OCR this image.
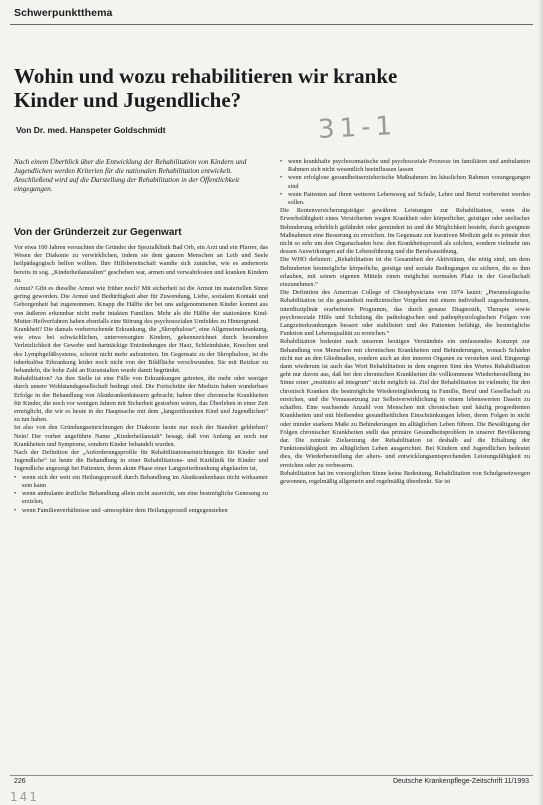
Schwerpunktthema
Wohin und wozu rehabilitieren wir kranke Kinder und Jugendliche?
Von Dr. med. Hanspeter Goldschmidt	31-1
Nach einem Überblick über die Entwicklung der Rehabilitation von Kindern und Jugendlichen werden Kriterien für die nationalen Rehabilitation entwickelt. Anschließend wird auf die Darstellung der Rehabilitation in der Öffentlichkeit eingegangen.
Von der Gründerzeit zur Gegenwart

Vor etwa 100 Jahren versuchten die Gründer der Spezialklinik Bad Orb, ein Arzt und ein Pfarrer, das Wesen der Diakonie zu verwirklichen, indem sie dem ganzen Menschen an Leib und Seele heilpädagogisch helfen wollten. Ihre Hilfsbereitschaft wandte sich zunächst, wie es andernorts bereits in sog. „Kinderheilanstalten“ geschehen war, armen und verwahrlosten und kranken Kindern zu.

Armut? Gibt es dieselbe Armut wie früher noch? Mit sicherheit ist die Armut im materiellen Sinne gering geworden. Die Armut und Bedürftigkeit aber für Zuwendung, Liebe, sozialem Kontakt und Geborgenheit hat zugenommen. Knapp die Hälfte der bei uns aufgenommenen Kinder kommt aus von äußeren erkennbar nicht mehr intakten Familien. Mehr als die Hälfte der stationären Kind-Mutter-Heilverfahren haben ebenfalls eine Störung des psychosozialen Umfeldes zu Hintergrund.

Krankheit? Die damals vorherrschende Erkrankung, die „Skrophulose“, eine Allgemeinerkrankung, wie etwa bei schwächlichen, unterversorgten Kindern, gekennzeichnet durch besondere Verletzlichkeit der Gewebe und hartnäckige Entzündungen der Haut, Schleimhäute, Knochen und des Lymphgefäßsystems, scheint nicht mehr aufzutreten. Im Gegensatz zu der Skrophulose, ist die tuberkulöse Erkrankung leider noch nicht von der Bildfläche verschwunden. Sie mit Reizkur zu behandeln, die hohe Zahl an Kuranstalten wurde damit begründet.

Rehabilitation? An ihre Stelle ist eine Fülle von Erkrankungen getreten, die mehr oder weniger durch unsere Wohlstandsgesellschaft bedingt sind. Die Fortschritte der Medizin haben wunderbare Erfolge in der Behandlung von Akutkrankenhäusern gebracht; haben über chronische Krankheiten für Kinder, die noch vor wenigen Jahren mit Sicherheit gestorben wären, das Überleben in einer Zeit ermöglicht, die wir es heute in der Hauptsache mit dem „langzeitkranken Kind und Jugendlichen“ zu tun haben.

Ist also von den Gründungseinrichtungen der Diakonie heute nur noch der Standort geblieben? Nein! Der vorher angeführte Name „Kinderheilanstalt“ besagt, daß von Anfang an noch nur Krankheiten und Symptome, sondern Kinder behandelt wurden.

Nach der Definition der „Anforderungsprofile für Rehabilitationseinrichtungen für Kinder und Jugendliche“ ist heute die Behandlung in einer Rehabilitations- und Kurklinik für Kinder und Jugendliche angezeigt bei Patienten, deren akute Phase einer Langzeiterkrankung abgelaufen ist,

• wenn sich der weit ein Heilungsprozeß durch Behandlung im Akutkrankenhaus nicht wirksamer sein kann
• wenn ambulante ärztliche Behandlung allein nicht ausreicht, um eine bestmögliche Genesung zu erzielen,
• wenn Familienverhältnisse und -atmosphäre dem Heilungsprozeß entgegenstehen
• wenn krankhafte psychosomatische und psychosoziale Prozesse im familiären und ambulanten Rahmen sich nicht wesentlich beeinflussen lassen
• wenn erfolglose gesundheitserzieherische Maßnahmen im häuslichen Rahmen vorangegangen sind
• wenn Patienten auf ihren weiteren Lebensweg auf Schule, Lehre und Beruf vorbereitet werden sollen.

Die Rentenversicherungsträger gewähren Leistungen zur Rehabilitation, wenn die Erwerbsfähigkeit eines Versicherten wegen Krankheit oder körperlicher, geistiger oder seelischer Behinderung erheblich gefährdet oder gemindert ist und die Möglichkeit besteht, durch geeignete Maßnahmen eine Besserung zu erreichen. Im Gegensatz zur kurativen Medizin geht es primär dort nicht so sehr um den Organschaden bzw. den Krankheitsprozeß als solchen, sondern vielmehr um dessen Auswirkungen auf die Lebensführung und die Berufsausübung.

Die WHO definiert: „Rehabilitation ist die Gesamtheit der Aktivitäten, die nötig sind, um dem Behinderten bestmögliche körperliche, geistige und soziale Bedingungen zu sichern, die es ihm erlauben, mit seinen eigenen Mitteln einen möglichst normalen Platz in der Gesellschaft einzunehmen.“

Die Definition des American College of Chestphysicians von 1974 lautet: „Pneumologische Rehabilitation ist die gesamtheit medizinischer Vorgehen mit einem individuell zugeschnittenen, interdisziplinär erarbeiteten Programm, das durch genaue Diagnostik, Therapie sowie psychosoziale Hilfe und Schulung die pathologischen und pathophysiologischen Folgen von Langzeiterkrankungen bessert oder stabilisiert und der Patienten befähigt, die bestmögliche Funktion und Lebensqualität zu erreichen.“

Rehabilitation bedeutet nach unserem heutigen Verständnis ein umfassendes Konzept zur Behandlung von Menschen mit chronischen Krankheiten und Behinderungen, wonach Schäden nicht nur an den Gliedmaßen, sondern auch an den inneren Organen zu verstehen sind. Eingeengt dann wiederum ist auch das Wort Rehabilitation in dem engeren Sinn des Wortes Rehabilitation geht nur davon aus, daß bei den chronischen Krankheiten die vollkommene Wiederherstellung im Sinne einer „restitutio ad integrum“ nicht möglich ist. Ziel der Rehabilitation ist vielmehr, für den chronisch Kranken die bestmögliche Wiedereingliederung in Familie, Beruf und Gesellschaft zu erreichen, und die Voraussetzung zur Selbstverwirklichung in einem lebenswerten Dasein zu schaffen. Eine wachsende Anzahl von Menschen mit chronischen und häufig progredienten Krankheiten und mit bleibenden gesundheitlichen Einschränkungen leben, deren Folgen in nicht oder minder starkem Maße zu Behinderungen im alltäglichen Leben führen. Die Bewältigung der Folgen chronischer Krankheiten stellt das primäre Gesundheitsproblem in unserer Bevölkerung dar. Die zentrale Zielsetzung der Rehabilitation ist deshalb auf die Erhaltung der Funktionsfähigkeit im alltäglichen Leben ausgerichtet. Bei Kindern und Jugendlichen bedeutet dies, die Wiederherstellung der alters- und entwicklungsentsprechenden Leistungsfähigkeit zu erreichen oder zu verbessern.

Rehabilitation hat im vorsorglichen Sinne keine Bedeutung, Rehabilitation von Schulgesetzwegen gewonnen, regelmäßig allgemein und regelmäßig überdenkt. Sie ist

226	Deutsche Krankenpflege-Zeitschrift 11/1993
141
